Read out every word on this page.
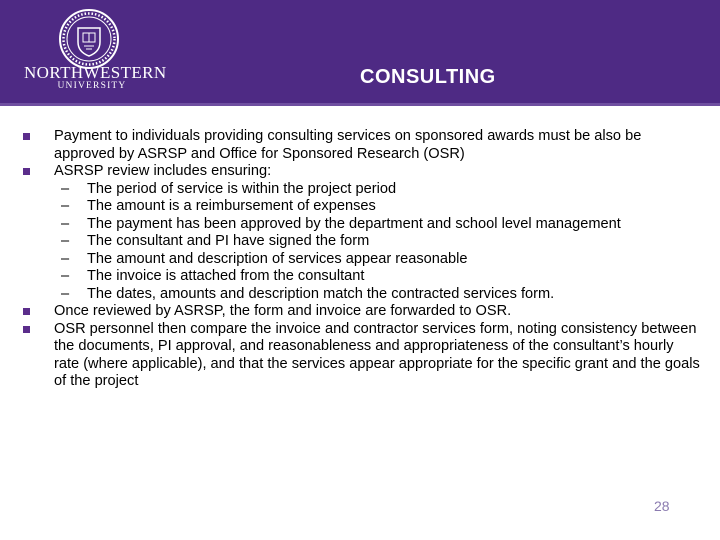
NORTHWESTERN
UNIVERSITY	CONSULTING
Payment to individuals providing consulting services on sponsored awards must be also be approved by ASRSP and Office for Sponsored Research (OSR)
ASRSP review includes ensuring:
– The period of service is within the project period
– The amount is a reimbursement of expenses
– The payment has been approved by the department and school level management
– The consultant and PI have signed the form
– The amount and description of services appear reasonable
– The invoice is attached from the consultant
– The dates, amounts and description match the contracted services form.
Once reviewed by ASRSP, the form and invoice are forwarded to OSR.
OSR personnel then compare the invoice and contractor services form, noting consistency between the documents, PI approval, and reasonableness and appropriateness of the consultant’s hourly rate (where applicable), and that the services appear appropriate for the specific grant and the goals of the project
28
